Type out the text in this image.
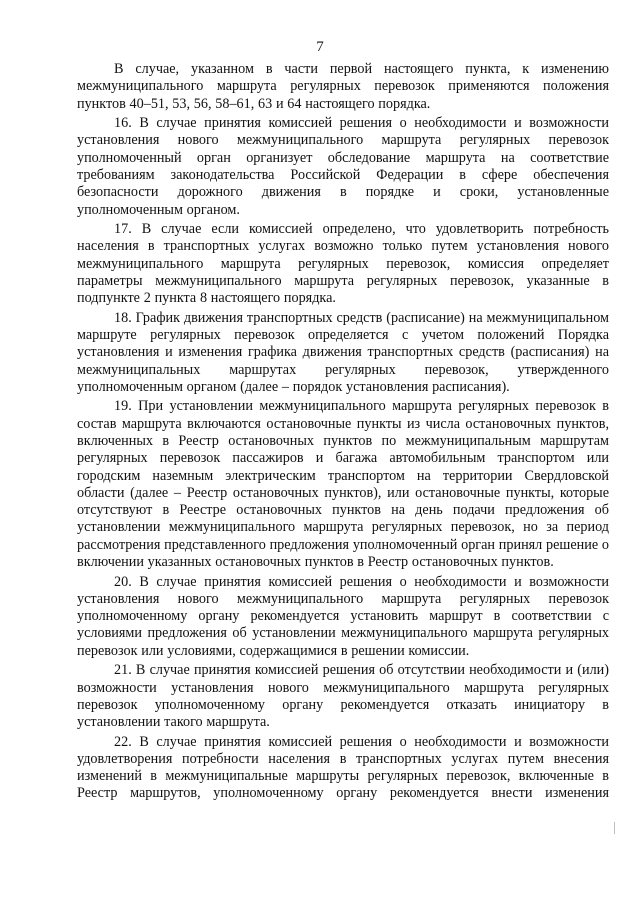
7

В случае, указанном в части первой настоящего пункта, к изменению межмуниципального маршрута регулярных перевозок применяются положения пунктов 40–51, 53, 56, 58–61, 63 и 64 настоящего порядка.

16. В случае принятия комиссией решения о необходимости и возможности установления нового межмуниципального маршрута регулярных перевозок уполномоченный орган организует обследование маршрута на соответствие требованиям законодательства Российской Федерации в сфере обеспечения безопасности дорожного движения в порядке и сроки, установленные уполномоченным органом.

17. В случае если комиссией определено, что удовлетворить потребность населения в транспортных услугах возможно только путем установления нового межмуниципального маршрута регулярных перевозок, комиссия определяет параметры межмуниципального маршрута регулярных перевозок, указанные в подпункте 2 пункта 8 настоящего порядка.

18. График движения транспортных средств (расписание) на межмуниципальном маршруте регулярных перевозок определяется с учетом положений Порядка установления и изменения графика движения транспортных средств (расписания) на межмуниципальных маршрутах регулярных перевозок, утвержденного уполномоченным органом (далее – порядок установления расписания).

19. При установлении межмуниципального маршрута регулярных перевозок в состав маршрута включаются остановочные пункты из числа остановочных пунктов, включенных в Реестр остановочных пунктов по межмуниципальным маршрутам регулярных перевозок пассажиров и багажа автомобильным транспортом или городским наземным электрическим транспортом на территории Свердловской области (далее – Реестр остановочных пунктов), или остановочные пункты, которые отсутствуют в Реестре остановочных пунктов на день подачи предложения об установлении межмуниципального маршрута регулярных перевозок, но за период рассмотрения представленного предложения уполномоченный орган принял решение о включении указанных остановочных пунктов в Реестр остановочных пунктов.

20. В случае принятия комиссией решения о необходимости и возможности установления нового межмуниципального маршрута регулярных перевозок уполномоченному органу рекомендуется установить маршрут в соответствии с условиями предложения об установлении межмуниципального маршрута регулярных перевозок или условиями, содержащимися в решении комиссии.

21. В случае принятия комиссией решения об отсутствии необходимости и (или) возможности установления нового межмуниципального маршрута регулярных перевозок уполномоченному органу рекомендуется отказать инициатору в установлении такого маршрута.

22. В случае принятия комиссией решения о необходимости и возможности удовлетворения потребности населения в транспортных услугах путем внесения изменений в межмуниципальные маршруты регулярных перевозок, включенные в Реестр маршрутов, уполномоченному органу рекомендуется внести изменения
